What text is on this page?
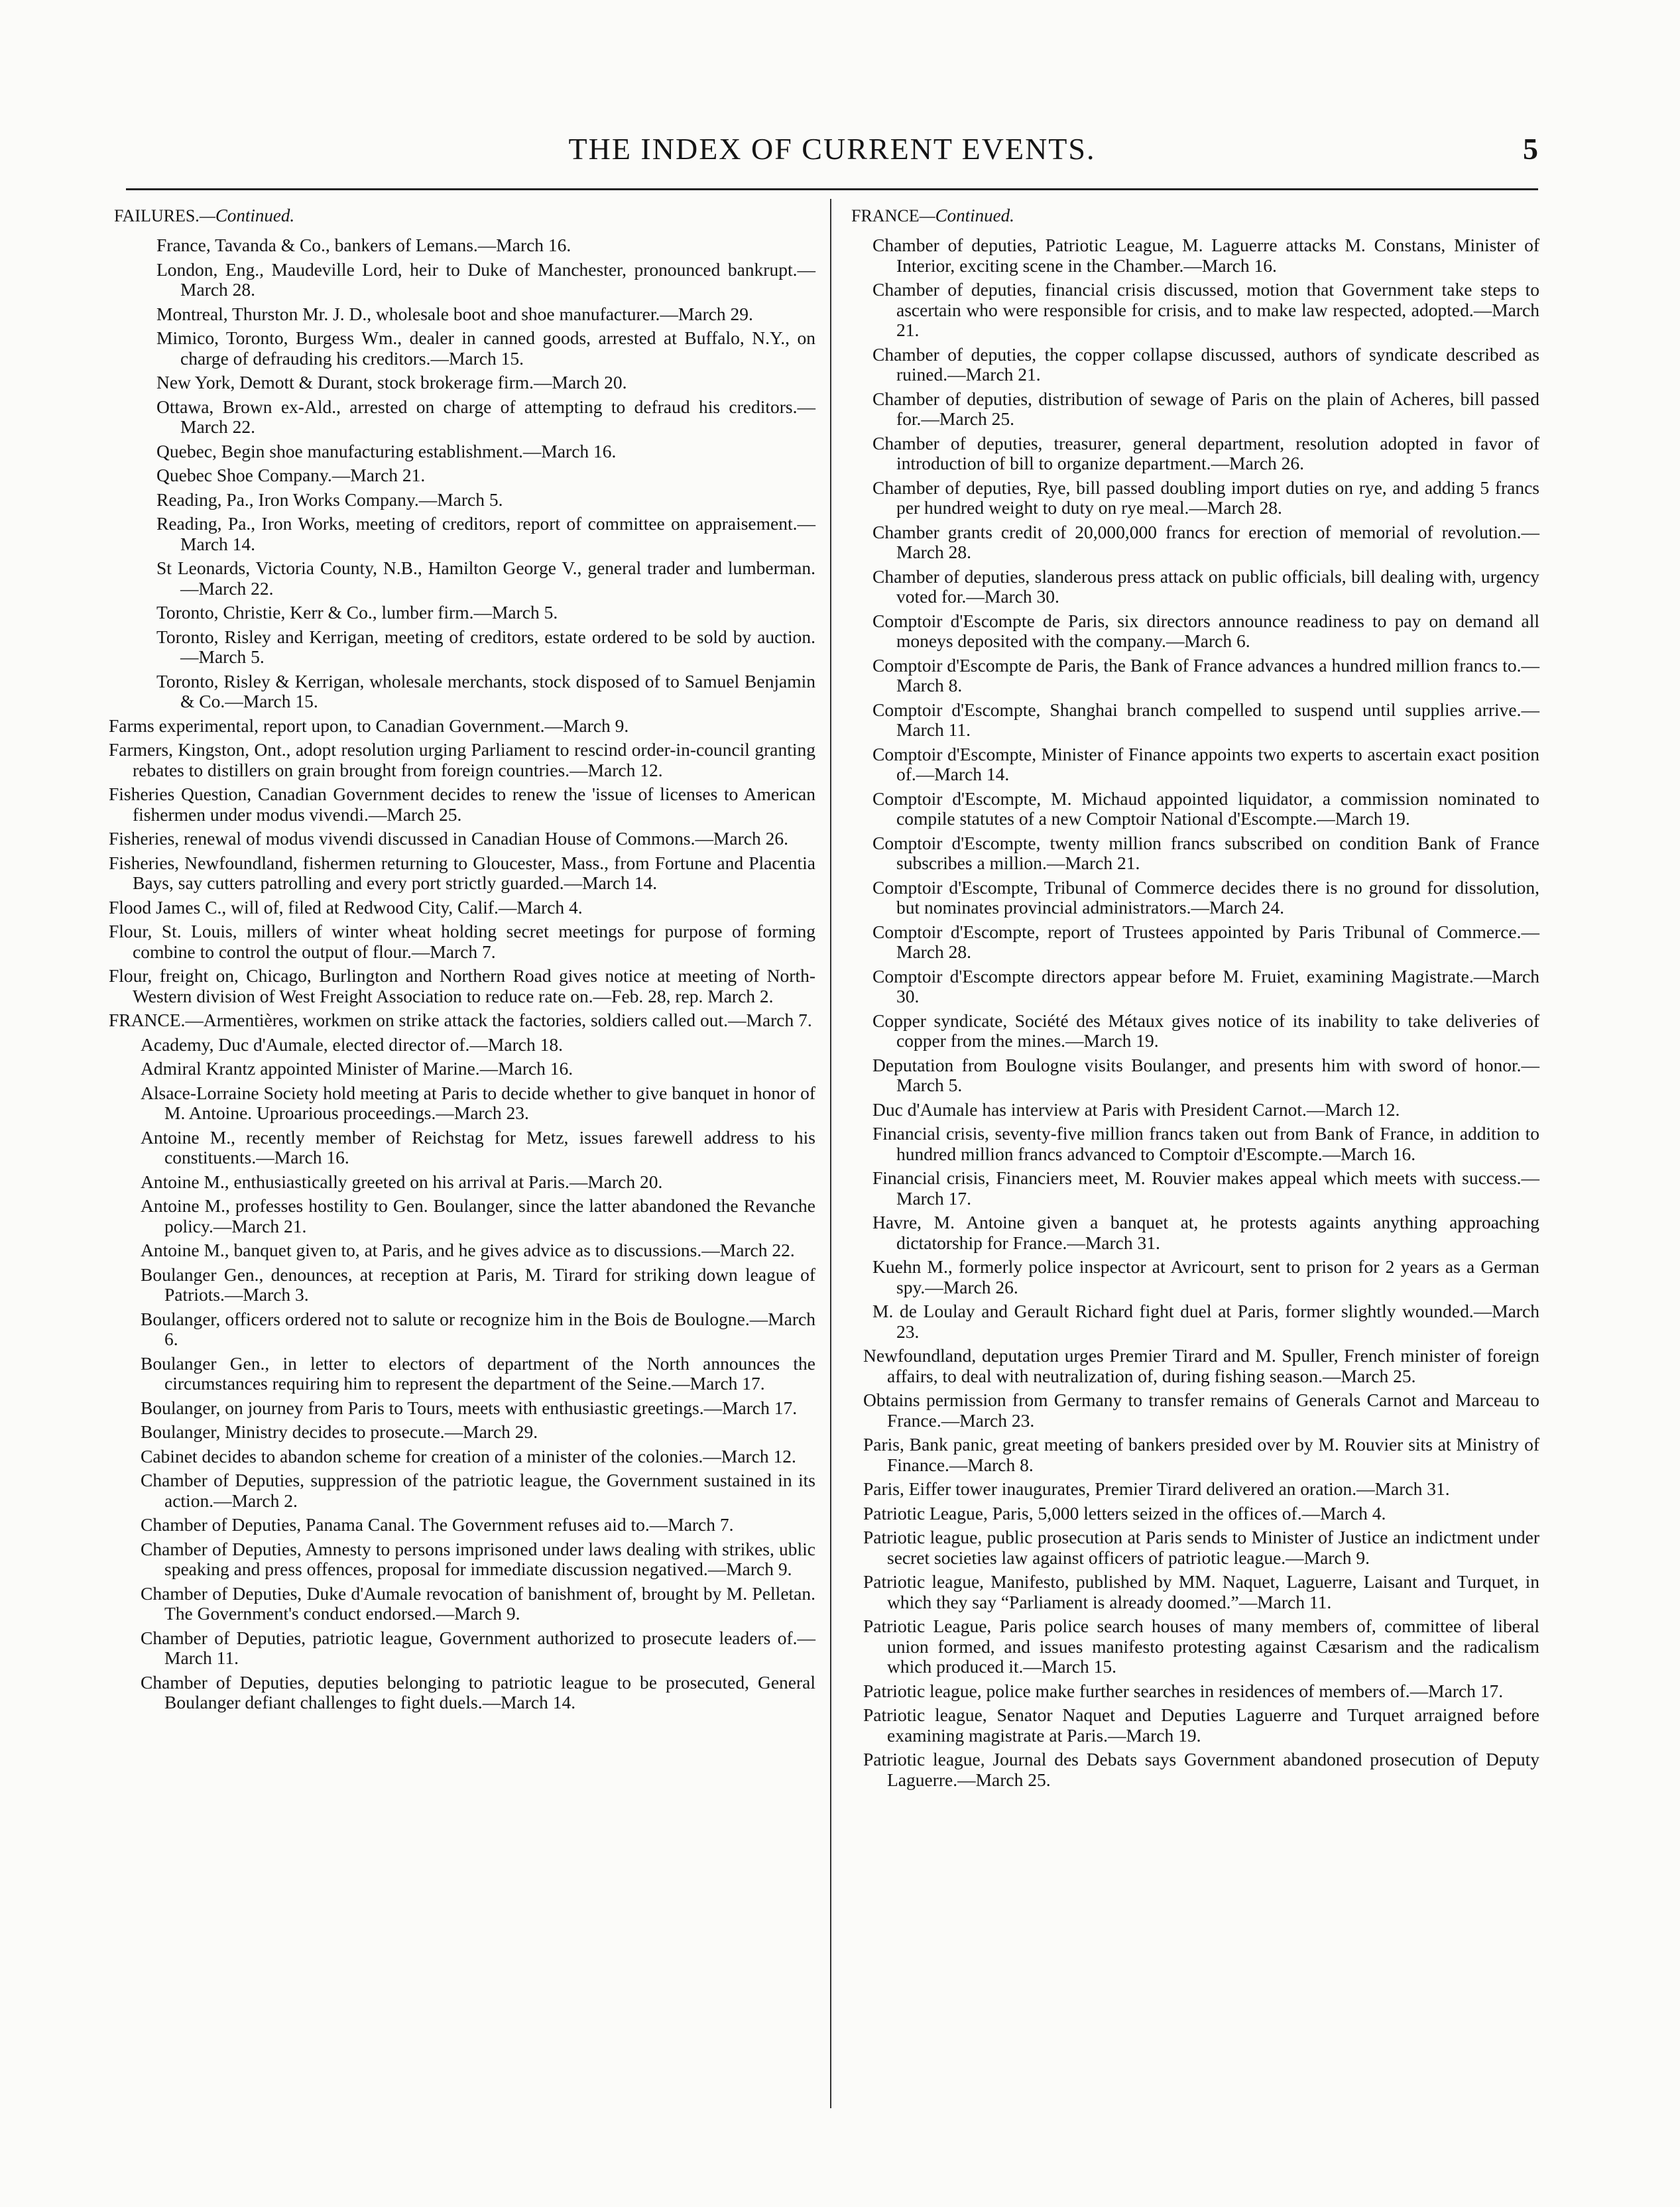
THE INDEX OF CURRENT EVENTS.	5
FAILURES.—Continued.
France, Tavanda & Co., bankers of Lemans.—March 16.
London, Eng., Maudeville Lord, heir to Duke of Manchester, pronounced bankrupt.—March 28.
Montreal, Thurston Mr. J. D., wholesale boot and shoe manufacturer.—March 29.
Mimico, Toronto, Burgess Wm., dealer in canned goods, arrested at Buffalo, N.Y., on charge of defrauding his creditors.—March 15.
New York, Demott & Durant, stock brokerage firm.—March 20.
Ottawa, Brown ex-Ald., arrested on charge of attempting to defraud his creditors.—March 22.
Quebec, Begin shoe manufacturing establishment.—March 16.
Quebec Shoe Company.—March 21.
Reading, Pa., Iron Works Company.—March 5.
Reading, Pa., Iron Works, meeting of creditors, report of committee on appraisement.—March 14.
St Leonards, Victoria County, N.B., Hamilton George V., general trader and lumberman.—March 22.
Toronto, Christie, Kerr & Co., lumber firm.—March 5.
Toronto, Risley and Kerrigan, meeting of creditors, estate ordered to be sold by auction.—March 5.
Toronto, Risley & Kerrigan, wholesale merchants, stock disposed of to Samuel Benjamin & Co.—March 15.
Farms experimental, report upon, to Canadian Government.—March 9.
Farmers, Kingston, Ont., adopt resolution urging Parliament to rescind order-in-council granting rebates to distillers on grain brought from foreign countries.—March 12.
Fisheries Question, Canadian Government decides to renew the 'issue of licenses to American fishermen under modus vivendi.—March 25.
Fisheries, renewal of modus vivendi discussed in Canadian House of Commons.—March 26.
Fisheries, Newfoundland, fishermen returning to Gloucester, Mass., from Fortune and Placentia Bays, say cutters patrolling and every port strictly guarded.—March 14.
Flood James C., will of, filed at Redwood City, Calif.—March 4.
Flour, St. Louis, millers of winter wheat holding secret meetings for purpose of forming combine to control the output of flour.—March 7.
Flour, freight on, Chicago, Burlington and Northern Road gives notice at meeting of North-Western division of West Freight Association to reduce rate on.—Feb. 28, rep. March 2.
FRANCE.—Armentières, workmen on strike attack the factories, soldiers called out.—March 7.
Academy, Duc d'Aumale, elected director of.—March 18.
Admiral Krantz appointed Minister of Marine.—March 16.
Alsace-Lorraine Society hold meeting at Paris to decide whether to give banquet in honor of M. Antoine. Uproarious proceedings.—March 23.
Antoine M., recently member of Reichstag for Metz, issues farewell address to his constituents.—March 16.
Antoine M., enthusiastically greeted on his arrival at Paris.—March 20.
Antoine M., professes hostility to Gen. Boulanger, since the latter abandoned the Revanche policy.—March 21.
Antoine M., banquet given to, at Paris, and he gives advice as to discussions.—March 22.
Boulanger Gen., denounces, at reception at Paris, M. Tirard for striking down league of Patriots.—March 3.
Boulanger, officers ordered not to salute or recognize him in the Bois de Boulogne.—March 6.
Boulanger Gen., in letter to electors of department of the North announces the circumstances requiring him to represent the department of the Seine.—March 17.
Boulanger, on journey from Paris to Tours, meets with enthusiastic greetings.—March 17.
Boulanger, Ministry decides to prosecute.—March 29.
Cabinet decides to abandon scheme for creation of a minister of the colonies.—March 12.
Chamber of Deputies, suppression of the patriotic league, the Government sustained in its action.—March 2.
Chamber of Deputies, Panama Canal. The Government refuses aid to.—March 7.
Chamber of Deputies, Amnesty to persons imprisoned under laws dealing with strikes, ublic speaking and press offences, proposal for immediate discussion negatived.—March 9.
Chamber of Deputies, Duke d'Aumale revocation of banishment of, brought by M. Pelletan. The Government's conduct endorsed.—March 9.
Chamber of Deputies, patriotic league, Government authorized to prosecute leaders of.—March 11.
Chamber of Deputies, deputies belonging to patriotic league to be prosecuted, General Boulanger defiant challenges to fight duels.—March 14.
FRANCE—Continued.
Chamber of deputies, Patriotic League, M. Laguerre attacks M. Constans, Minister of Interior, exciting scene in the Chamber.—March 16.
Chamber of deputies, financial crisis discussed, motion that Government take steps to ascertain who were responsible for crisis, and to make law respected, adopted.—March 21.
Chamber of deputies, the copper collapse discussed, authors of syndicate described as ruined.—March 21.
Chamber of deputies, distribution of sewage of Paris on the plain of Acheres, bill passed for.—March 25.
Chamber of deputies, treasurer, general department, resolution adopted in favor of introduction of bill to organize department.—March 26.
Chamber of deputies, Rye, bill passed doubling import duties on rye, and adding 5 francs per hundred weight to duty on rye meal.—March 28.
Chamber grants credit of 20,000,000 francs for erection of memorial of revolution.—March 28.
Chamber of deputies, slanderous press attack on public officials, bill dealing with, urgency voted for.—March 30.
Comptoir d'Escompte de Paris, six directors announce readiness to pay on demand all moneys deposited with the company.—March 6.
Comptoir d'Escompte de Paris, the Bank of France advances a hundred million francs to.—March 8.
Comptoir d'Escompte, Shanghai branch compelled to suspend until supplies arrive.—March 11.
Comptoir d'Escompte, Minister of Finance appoints two experts to ascertain exact position of.—March 14.
Comptoir d'Escompte, M. Michaud appointed liquidator, a commission nominated to compile statutes of a new Comptoir National d'Escompte.—March 19.
Comptoir d'Escompte, twenty million francs subscribed on condition Bank of France subscribes a million.—March 21.
Comptoir d'Escompte, Tribunal of Commerce decides there is no ground for dissolution, but nominates provincial administrators.—March 24.
Comptoir d'Escompte, report of Trustees appointed by Paris Tribunal of Commerce.—March 28.
Comptoir d'Escompte directors appear before M. Fruiet, examining Magistrate.—March 30.
Copper syndicate, Société des Métaux gives notice of its inability to take deliveries of copper from the mines.—March 19.
Deputation from Boulogne visits Boulanger, and presents him with sword of honor.—March 5.
Duc d'Aumale has interview at Paris with President Carnot.—March 12.
Financial crisis, seventy-five million francs taken out from Bank of France, in addition to hundred million francs advanced to Comptoir d'Escompte.—March 16.
Financial crisis, Financiers meet, M. Rouvier makes appeal which meets with success.—March 17.
Havre, M. Antoine given a banquet at, he protests againts anything approaching dictatorship for France.—March 31.
Kuehn M., formerly police inspector at Avricourt, sent to prison for 2 years as a German spy.—March 26.
M. de Loulay and Gerault Richard fight duel at Paris, former slightly wounded.—March 23.
Newfoundland, deputation urges Premier Tirard and M. Spuller, French minister of foreign affairs, to deal with neutralization of, during fishing season.—March 25.
Obtains permission from Germany to transfer remains of Generals Carnot and Marceau to France.—March 23.
Paris, Bank panic, great meeting of bankers presided over by M. Rouvier sits at Ministry of Finance.—March 8.
Paris, Eiffer tower inaugurates, Premier Tirard delivered an oration.—March 31.
Patriotic League, Paris, 5,000 letters seized in the offices of.—March 4.
Patriotic league, public prosecution at Paris sends to Minister of Justice an indictment under secret societies law against officers of patriotic league.—March 9.
Patriotic league, Manifesto, published by MM. Naquet, Laguerre, Laisant and Turquet, in which they say “Parliament is already doomed.”—March 11.
Patriotic League, Paris police search houses of many members of, committee of liberal union formed, and issues manifesto protesting against Cæsarism and the radicalism which produced it.—March 15.
Patriotic league, police make further searches in residences of members of.—March 17.
Patriotic league, Senator Naquet and Deputies Laguerre and Turquet arraigned before examining magistrate at Paris.—March 19.
Patriotic league, Journal des Debats says Government abandoned prosecution of Deputy Laguerre.—March 25.
